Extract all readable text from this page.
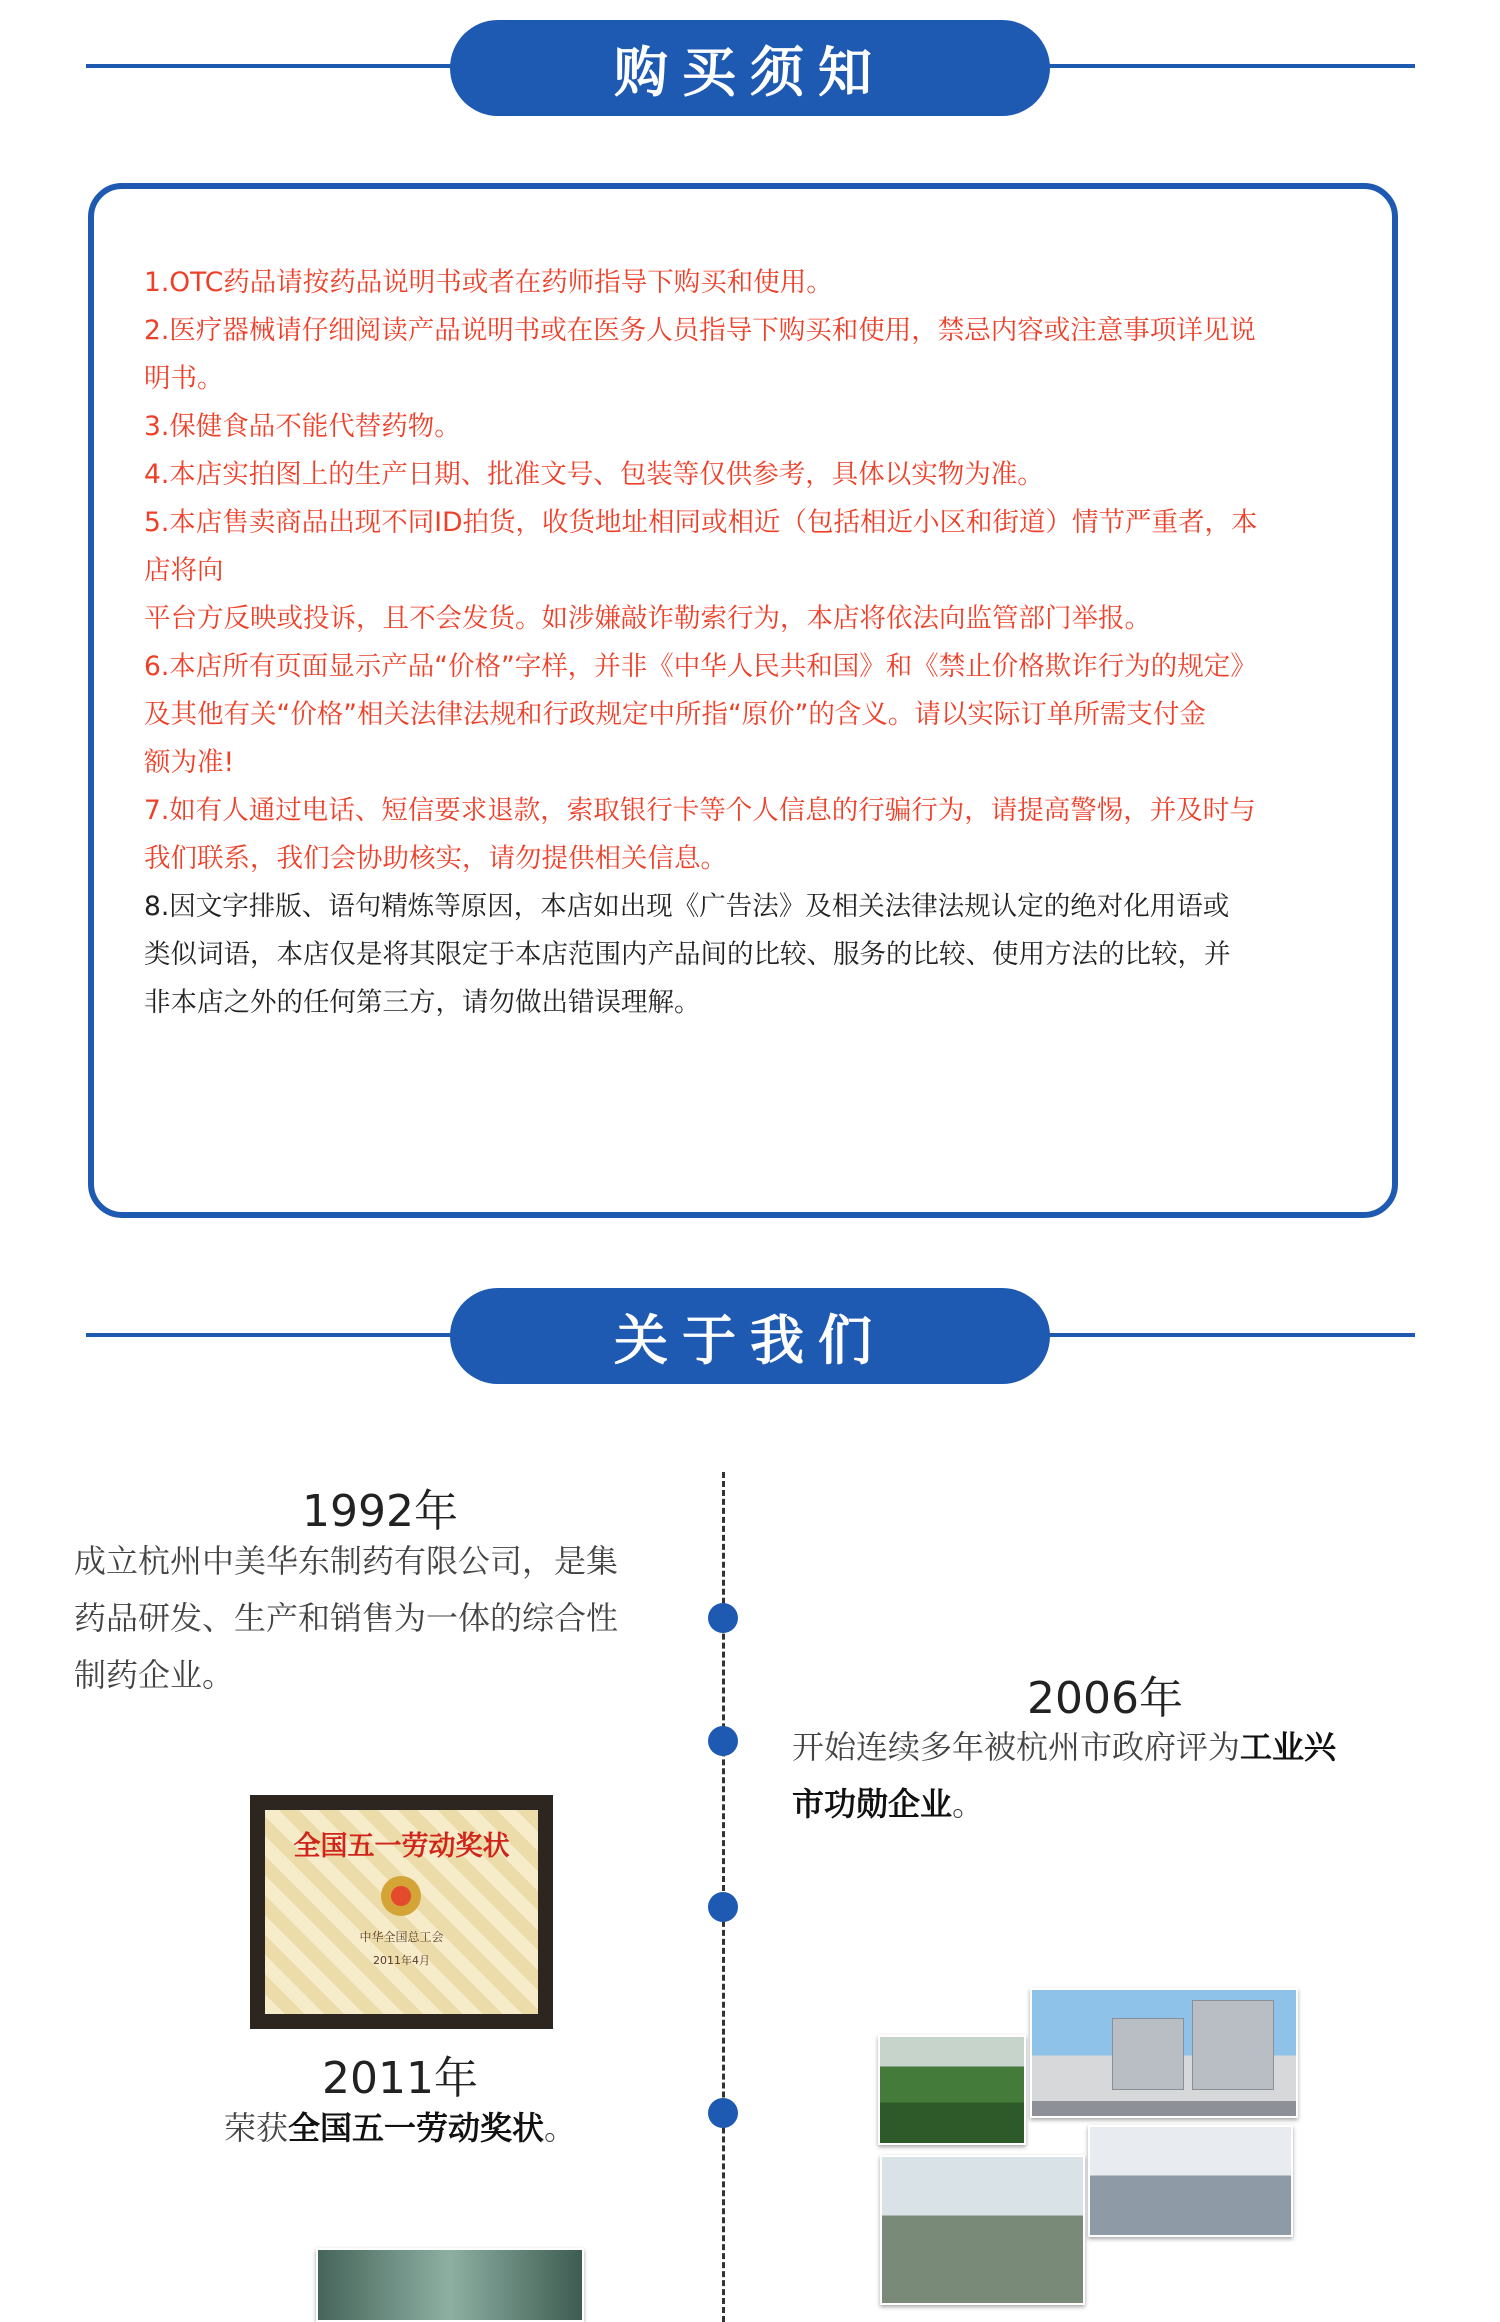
购买须知
1.OTC药品请按药品说明书或者在药师指导下购买和使用。
2.医疗器械请仔细阅读产品说明书或在医务人员指导下购买和使用，禁忌内容或注意事项详见说
明书。
3.保健食品不能代替药物。
4.本店实拍图上的生产日期、批准文号、包装等仅供参考，具体以实物为准。
5.本店售卖商品出现不同ID拍货，收货地址相同或相近（包括相近小区和街道）情节严重者，本
店将向
平台方反映或投诉，且不会发货。如涉嫌敲诈勒索行为，本店将依法向监管部门举报。
6.本店所有页面显示产品“价格”字样，并非《中华人民共和国》和《禁止价格欺诈行为的规定》
及其他有关“价格”相关法律法规和行政规定中所指“原价”的含义。请以实际订单所需支付金
额为准!
7.如有人通过电话、短信要求退款，索取银行卡等个人信息的行骗行为，请提高警惕，并及时与
我们联系，我们会协助核实，请勿提供相关信息。
8.因文字排版、语句精炼等原因，本店如出现《广告法》及相关法律法规认定的绝对化用语或
类似词语，本店仅是将其限定于本店范围内产品间的比较、服务的比较、使用方法的比较，并
非本店之外的任何第三方，请勿做出错误理解。
关于我们
1992年
成立杭州中美华东制药有限公司，是集
药品研发、生产和销售为一体的综合性
制药企业。	2006年
开始连续多年被杭州市政府评为工业兴
市功勋企业。
全国五一劳动奖状
中华全国总工会
2011年4月
2011年
荣获全国五一劳动奖状。
